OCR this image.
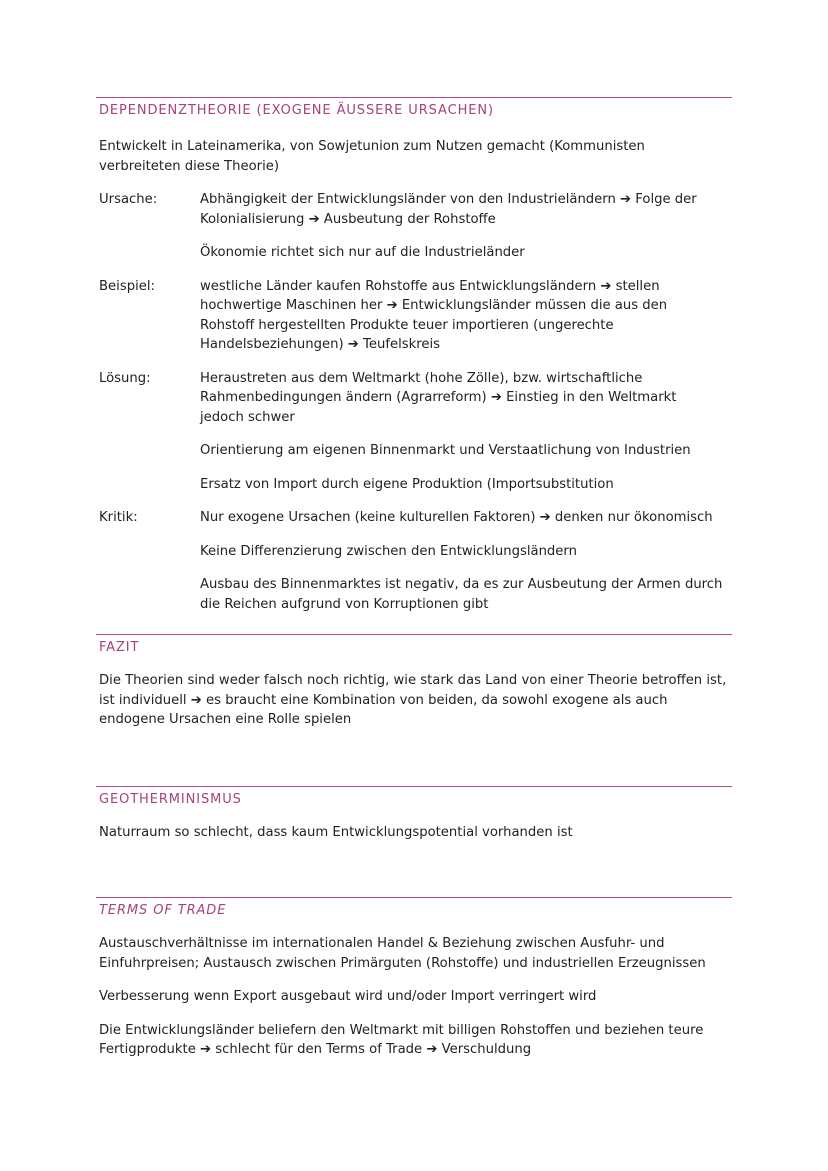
DEPENDENZTHEORIE (EXOGENE ÄUSSERE URSACHEN)

Entwickelt in Lateinamerika, von Sowjetunion zum Nutzen gemacht (Kommunisten
verbreiteten diese Theorie)

Ursache:	Abhängigkeit der Entwicklungsländer von den Industrieländern ➔ Folge der
Kolonialisierung ➔ Ausbeutung der Rohstoffe

Ökonomie richtet sich nur auf die Industrieländer

Beispiel:	westliche Länder kaufen Rohstoffe aus Entwicklungsländern ➔ stellen
hochwertige Maschinen her ➔ Entwicklungsländer müssen die aus den
Rohstoff hergestellten Produkte teuer importieren (ungerechte
Handelsbeziehungen) ➔ Teufelskreis

Lösung:	Heraustreten aus dem Weltmarkt (hohe Zölle), bzw. wirtschaftliche
Rahmenbedingungen ändern (Agrarreform) ➔ Einstieg in den Weltmarkt
jedoch schwer

Orientierung am eigenen Binnenmarkt und Verstaatlichung von Industrien

Ersatz von Import durch eigene Produktion (Importsubstitution

Kritik:	Nur exogene Ursachen (keine kulturellen Faktoren) ➔ denken nur ökonomisch

Keine Differenzierung zwischen den Entwicklungsländern

Ausbau des Binnenmarktes ist negativ, da es zur Ausbeutung der Armen durch
die Reichen aufgrund von Korruptionen gibt

FAZIT

Die Theorien sind weder falsch noch richtig, wie stark das Land von einer Theorie betroffen ist,
ist individuell ➔ es braucht eine Kombination von beiden, da sowohl exogene als auch
endogene Ursachen eine Rolle spielen

GEOTHERMINISMUS

Naturraum so schlecht, dass kaum Entwicklungspotential vorhanden ist

TERMS OF TRADE

Austauschverhältnisse im internationalen Handel & Beziehung zwischen Ausfuhr- und
Einfuhrpreisen; Austausch zwischen Primärguten (Rohstoffe) und industriellen Erzeugnissen

Verbesserung wenn Export ausgebaut wird und/oder Import verringert wird

Die Entwicklungsländer beliefern den Weltmarkt mit billigen Rohstoffen und beziehen teure
Fertigprodukte ➔ schlecht für den Terms of Trade ➔ Verschuldung
